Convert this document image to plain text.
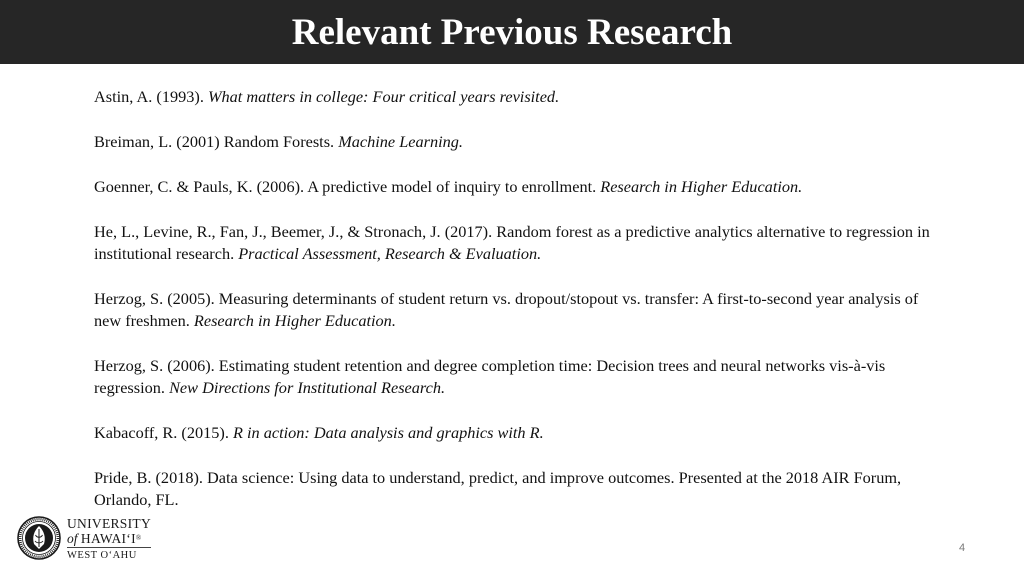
Relevant Previous Research

Astin, A. (1993). What matters in college: Four critical years revisited.

Breiman, L. (2001) Random Forests. Machine Learning.

Goenner, C. & Pauls, K. (2006). A predictive model of inquiry to enrollment. Research in Higher Education.

He, L., Levine, R., Fan, J., Beemer, J., & Stronach, J. (2017). Random forest as a predictive analytics alternative to regression in institutional research. Practical Assessment, Research & Evaluation.

Herzog, S. (2005). Measuring determinants of student return vs. dropout/stopout vs. transfer: A first-to-second year analysis of new freshmen. Research in Higher Education.

Herzog, S. (2006). Estimating student retention and degree completion time: Decision trees and neural networks vis-à-vis regression. New Directions for Institutional Research.

Kabacoff, R. (2015). R in action: Data analysis and graphics with R.

Pride, B. (2018). Data science: Using data to understand, predict, and improve outcomes. Presented at the 2018 AIR Forum, Orlando, FL.

UNIVERSITY
of HAWAI‘I®
WEST O‘AHU
4
